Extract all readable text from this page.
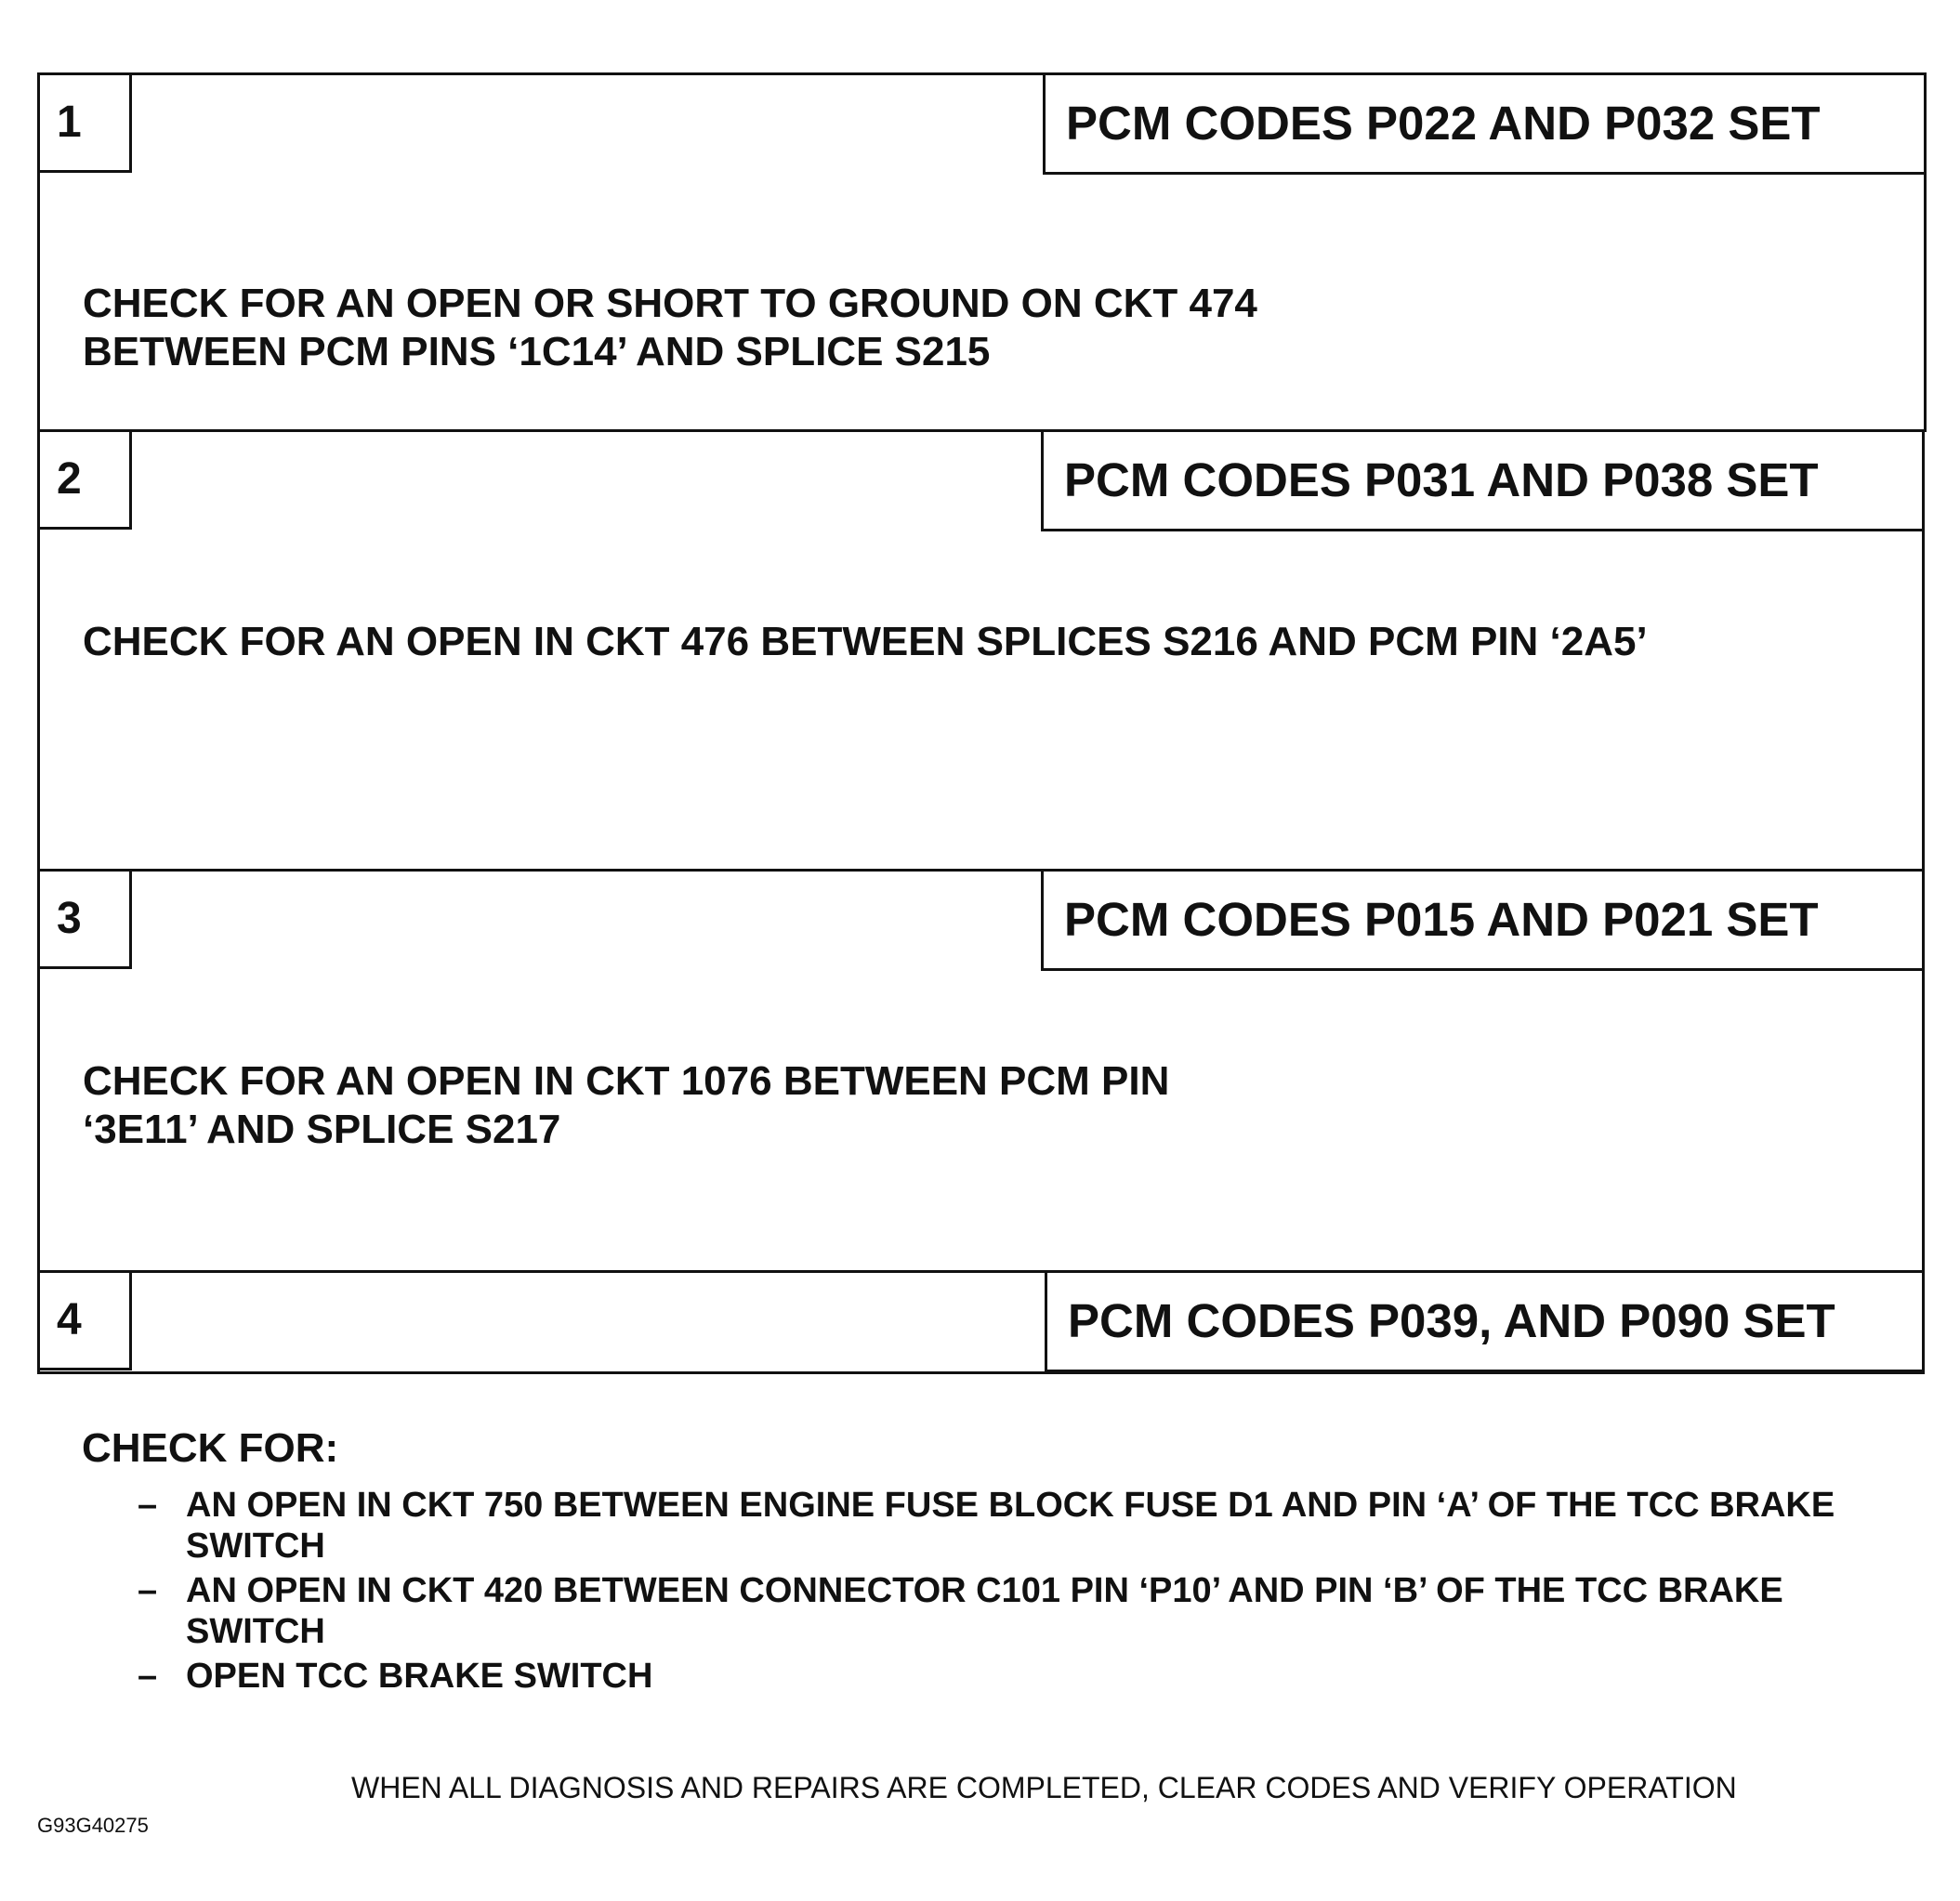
1	PCM CODES P022 AND P032 SET
CHECK FOR AN OPEN OR SHORT TO GROUND ON CKT 474
BETWEEN PCM PINS ‘1C14’ AND SPLICE S215
2	PCM CODES P031 AND P038 SET
CHECK FOR AN OPEN IN CKT 476 BETWEEN SPLICES S216 AND PCM PIN ‘2A5’
3	PCM CODES P015 AND P021 SET
CHECK FOR AN OPEN IN CKT 1076 BETWEEN PCM PIN
‘3E11’ AND SPLICE S217
4	PCM CODES P039, AND P090 SET
CHECK FOR:
– AN OPEN IN CKT 750 BETWEEN ENGINE FUSE BLOCK FUSE D1 AND PIN ‘A’ OF THE TCC BRAKE SWITCH
– AN OPEN IN CKT 420 BETWEEN CONNECTOR C101 PIN ‘P10’ AND PIN ‘B’ OF THE TCC BRAKE SWITCH
– OPEN TCC BRAKE SWITCH
WHEN ALL DIAGNOSIS AND REPAIRS ARE COMPLETED, CLEAR CODES AND VERIFY OPERATION
G93G40275
